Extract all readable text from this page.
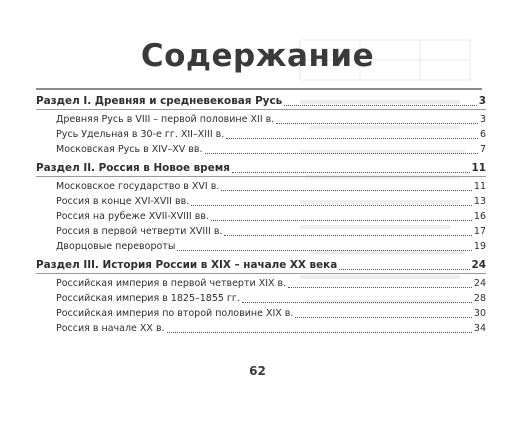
Содержание
Раздел I. Древняя и средневековая Русь	3
Древняя Русь в VIII – первой половине XII в.	3
Русь Удельная в 30-е гг. XII–XIII в.	6
Московская Русь в XIV–XV вв.	7
Раздел II. Россия в Новое время	11
Московское государство в XVI в.	11
Россия в конце XVI-XVII вв.	13
Россия на рубеже XVII-XVIII вв.	16
Россия в первой четверти XVIII в.	17
Дворцовые перевороты	19
Раздел III. История России в XIX – начале XX века	24
Российская империя в первой четверти XIX в.	24
Российская империя в 1825–1855 гг.	28
Российская империя по второй половине XIX в.	30
Россия в начале XX в.	34
62
